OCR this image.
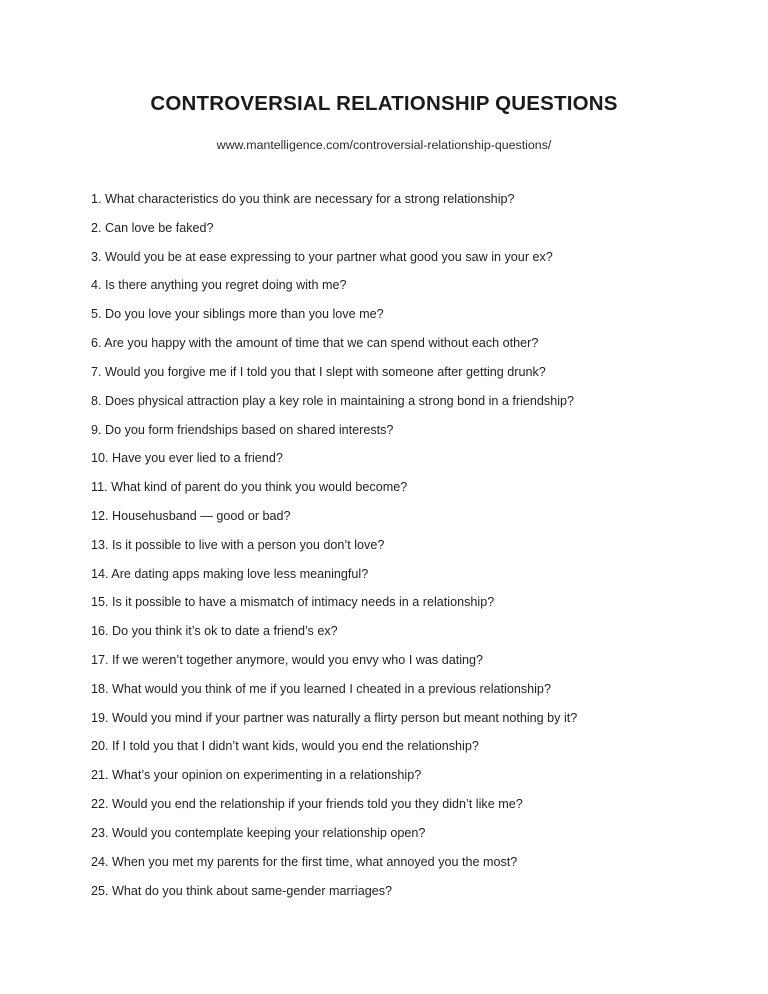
CONTROVERSIAL RELATIONSHIP QUESTIONS

www.mantelligence.com/controversial-relationship-questions/

1. What characteristics do you think are necessary for a strong relationship?
2. Can love be faked?
3. Would you be at ease expressing to your partner what good you saw in your ex?
4. Is there anything you regret doing with me?
5. Do you love your siblings more than you love me?
6. Are you happy with the amount of time that we can spend without each other?
7. Would you forgive me if I told you that I slept with someone after getting drunk?
8. Does physical attraction play a key role in maintaining a strong bond in a friendship?
9. Do you form friendships based on shared interests?
10. Have you ever lied to a friend?
11. What kind of parent do you think you would become?
12. Househusband — good or bad?
13. Is it possible to live with a person you don’t love?
14. Are dating apps making love less meaningful?
15. Is it possible to have a mismatch of intimacy needs in a relationship?
16. Do you think it’s ok to date a friend’s ex?
17. If we weren’t together anymore, would you envy who I was dating?
18. What would you think of me if you learned I cheated in a previous relationship?
19. Would you mind if your partner was naturally a flirty person but meant nothing by it?
20. If I told you that I didn’t want kids, would you end the relationship?
21. What’s your opinion on experimenting in a relationship?
22. Would you end the relationship if your friends told you they didn’t like me?
23. Would you contemplate keeping your relationship open?
24. When you met my parents for the first time, what annoyed you the most?
25. What do you think about same-gender marriages?
